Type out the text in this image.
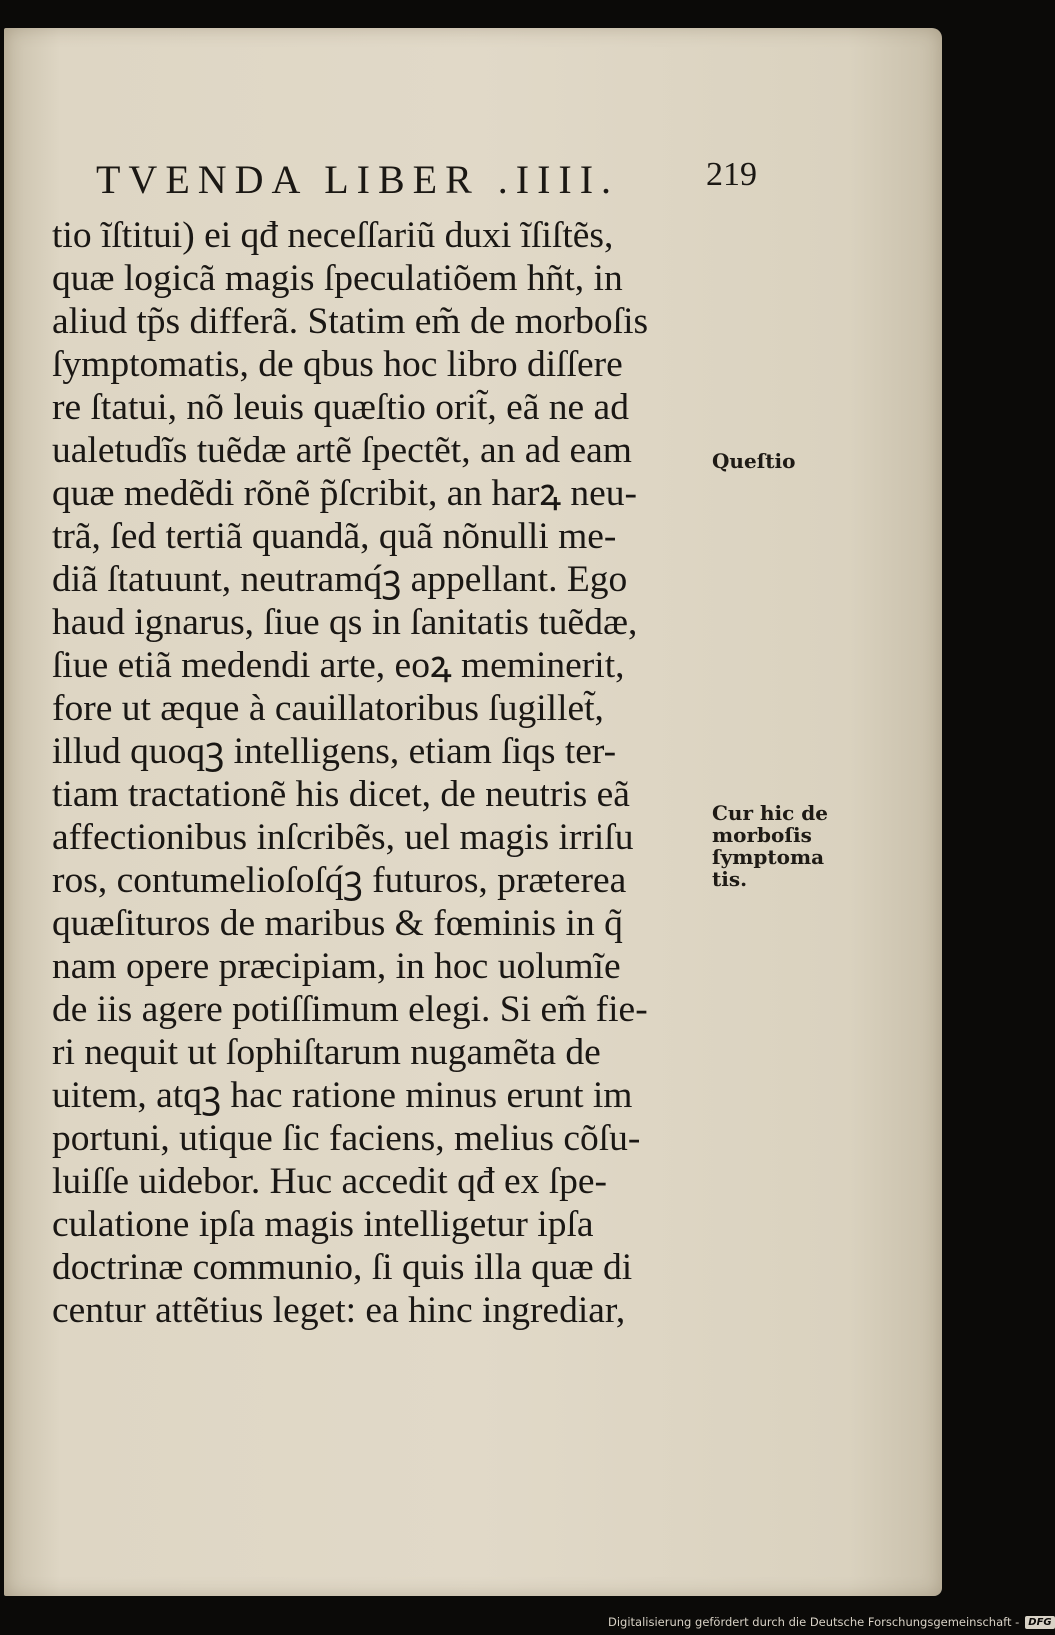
TVENDA LIBER .IIII.	219
tio ĩſtitui) ei qđ neceſſariũ duxi ĩſiſtẽs,
quæ logicã magis ſpeculatiõem hñt, in
aliud tp̃s differã. Statim em̃ de morboſis
ſymptomatis, de qbus hoc libro diſſere
re ſtatui, nõ leuis quæſtio orit̃, eã ne ad
ualetudĩs tuẽdæ artẽ ſpectẽt, an ad eam
quæ medẽdi rõnẽ p̃ſcribit, an harꝝ neu-
trã, ſed tertiã quandã, quã nõnulli me-
diã ſtatuunt, neutramq́ꝫ appellant. Ego
haud ignarus, ſiue qs in ſanitatis tuẽdæ,
ſiue etiã medendi arte, eoꝝ meminerit,
fore ut æque à cauillatoribus ſugillet̃,
illud quoqꝫ intelligens, etiam ſiqs ter-
tiam tractationẽ his dicet, de neutris eã
affectionibus inſcribẽs, uel magis irriſu
ros, contumelioſoſq́ꝫ futuros, præterea
quæſituros de maribus & fœminis in q̃
nam opere præcipiam, in hoc uolumĩe
de iis agere potiſſimum elegi. Si em̃ fie-
ri nequit ut ſophiſtarum nugamẽta de
uitem, atqꝫ hac ratione minus erunt im
portuni, utique ſic faciens, melius cõſu-
luiſſe uidebor. Huc accedit qđ ex ſpe-
culatione ipſa magis intelligetur ipſa
doctrinæ communio, ſi quis illa quæ di
centur attẽtius leget: ea hinc ingrediar,
Queſtio
Cur hic de
morboſis
ſymptoma
tis.
Digitalisierung gefördert durch die Deutsche Forschungsgemeinschaft - DFG
